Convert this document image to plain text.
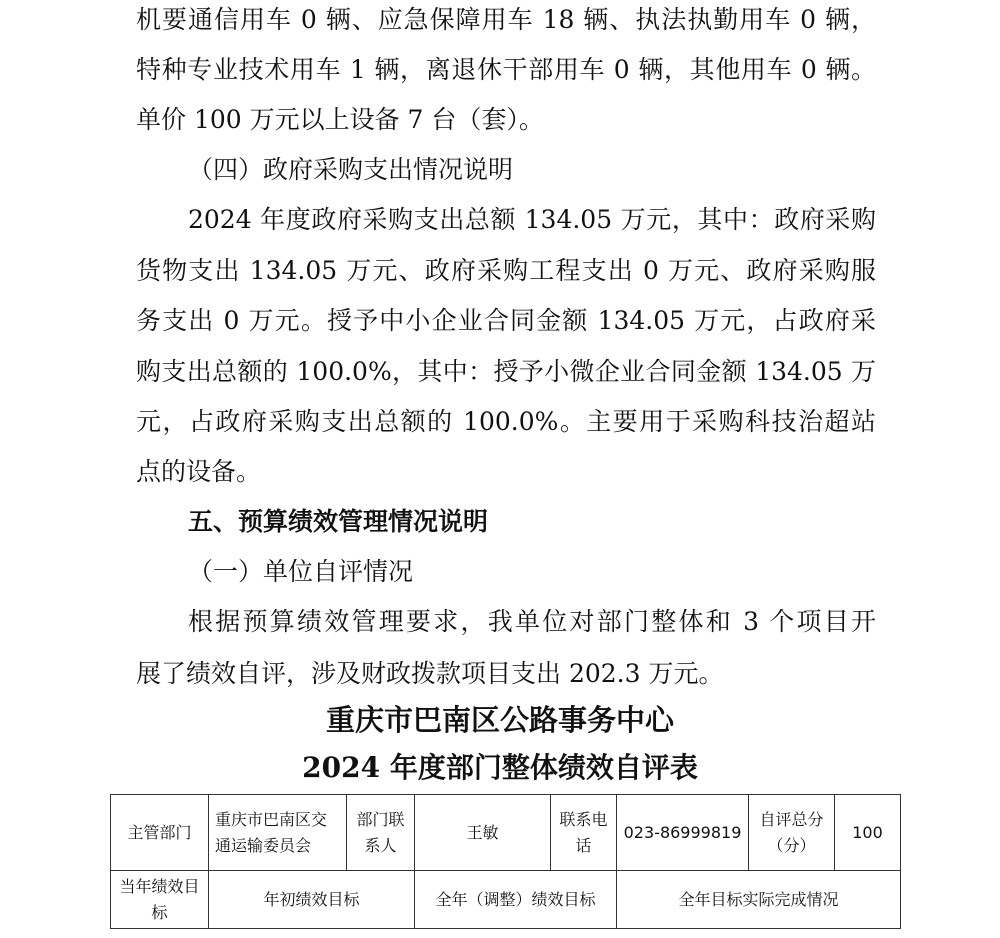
机要通信用车 0 辆、应急保障用车 18 辆、执法执勤用车 0 辆，
特种专业技术用车 1 辆，离退休干部用车 0 辆，其他用车 0 辆。
单价 100 万元以上设备 7 台（套）。
（四）政府采购支出情况说明
2024 年度政府采购支出总额 134.05 万元，其中：政府采购
货物支出 134.05 万元、政府采购工程支出 0 万元、政府采购服
务支出 0 万元。授予中小企业合同金额 134.05 万元，占政府采
购支出总额的 100.0%，其中：授予小微企业合同金额 134.05 万
元，占政府采购支出总额的 100.0%。主要用于采购科技治超站
点的设备。
五、预算绩效管理情况说明
（一）单位自评情况
根据预算绩效管理要求，我单位对部门整体和 3 个项目开
展了绩效自评，涉及财政拨款项目支出 202.3 万元。
重庆市巴南区公路事务中心
2024 年度部门整体绩效自评表
主管部门	重庆市巴南区交通运输委员会	部门联系人	王敏	联系电话	023-86999819	自评总分（分）	100
当年绩效目标	年初绩效目标		全年（调整）绩效目标		全年目标实际完成情况		
